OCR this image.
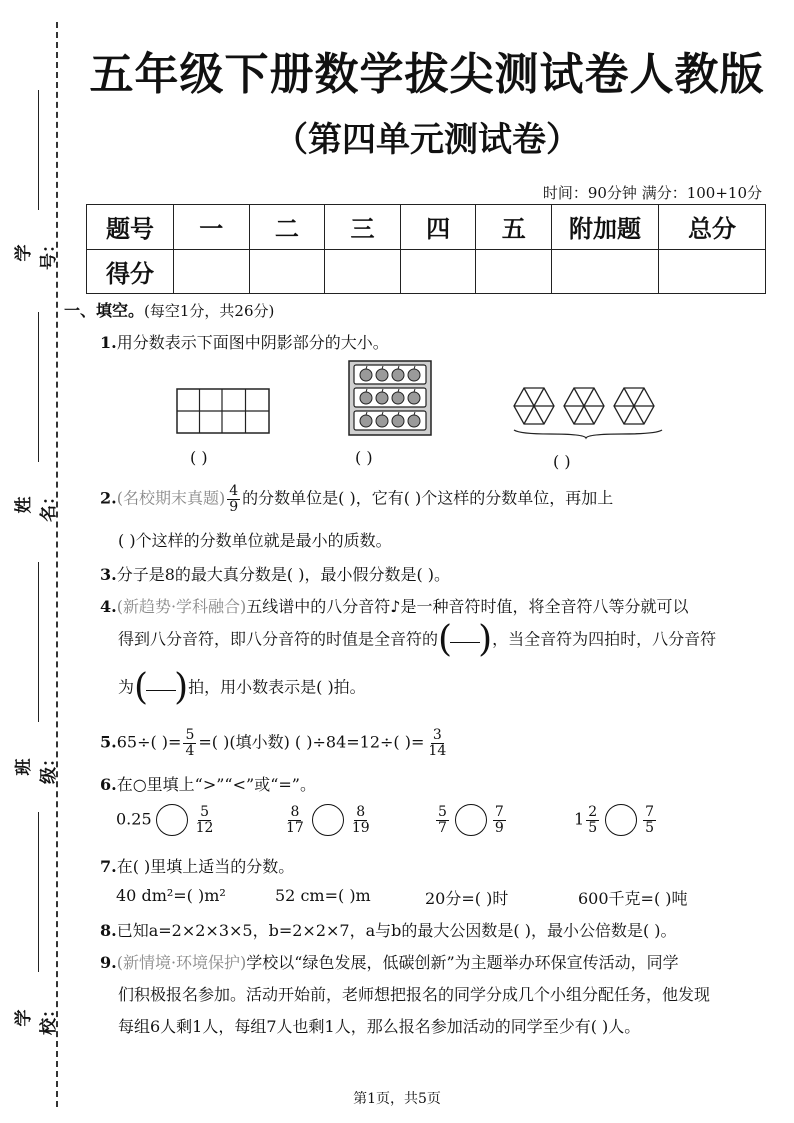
学号：
姓名：
班级：
学校：
五年级下册数学拔尖测试卷人教版
（第四单元测试卷）
时间：90分钟 满分：100+10分
题号	一	二	三	四	五	附加题	总分
得分							
一、填空。(每空1分，共26分)
1.用分数表示下面图中阴影部分的大小。
( )	( )	( )
2.(名校期末真题) $\frac{4}{9}$ 的分数单位是( )，它有( )个这样的分数单位，再加上
( )个这样的分数单位就是最小的质数。
3.分子是8的最大真分数是( )，最小假分数是( )。
4.(新趋势·学科融合)五线谱中的八分音符♪是一种音符时值，将全音符八等分就可以
得到八分音符，即八分音符的时值是全音符的( )，当全音符为四拍时，八分音符
为( )拍，用小数表示是( )拍。
5.65÷( )= $\frac{5}{4}$ =( )(填小数) ( )÷84=12÷( )= $\frac{3}{14}$
6.在○里填上“>”“<”或“=”。
0.25	$\frac{5}{12}$	$\frac{8}{17}$	$\frac{8}{19}$	$\frac{5}{7}$	$\frac{7}{9}$	$1 \frac{2}{5}$	$\frac{7}{5}$
7.在( )里填上适当的分数。
40 dm²=( )m²	52 cm=( )m	20分=( )时	600千克=( )吨
8.已知a=2×2×3×5，b=2×2×7，a与b的最大公因数是( )，最小公倍数是( )。
9.(新情境·环境保护)学校以“绿色发展，低碳创新”为主题举办环保宣传活动，同学
们积极报名参加。活动开始前，老师想把报名的同学分成几个小组分配任务，他发现
每组6人剩1人，每组7人也剩1人，那么报名参加活动的同学至少有( )人。
第1页，共5页
